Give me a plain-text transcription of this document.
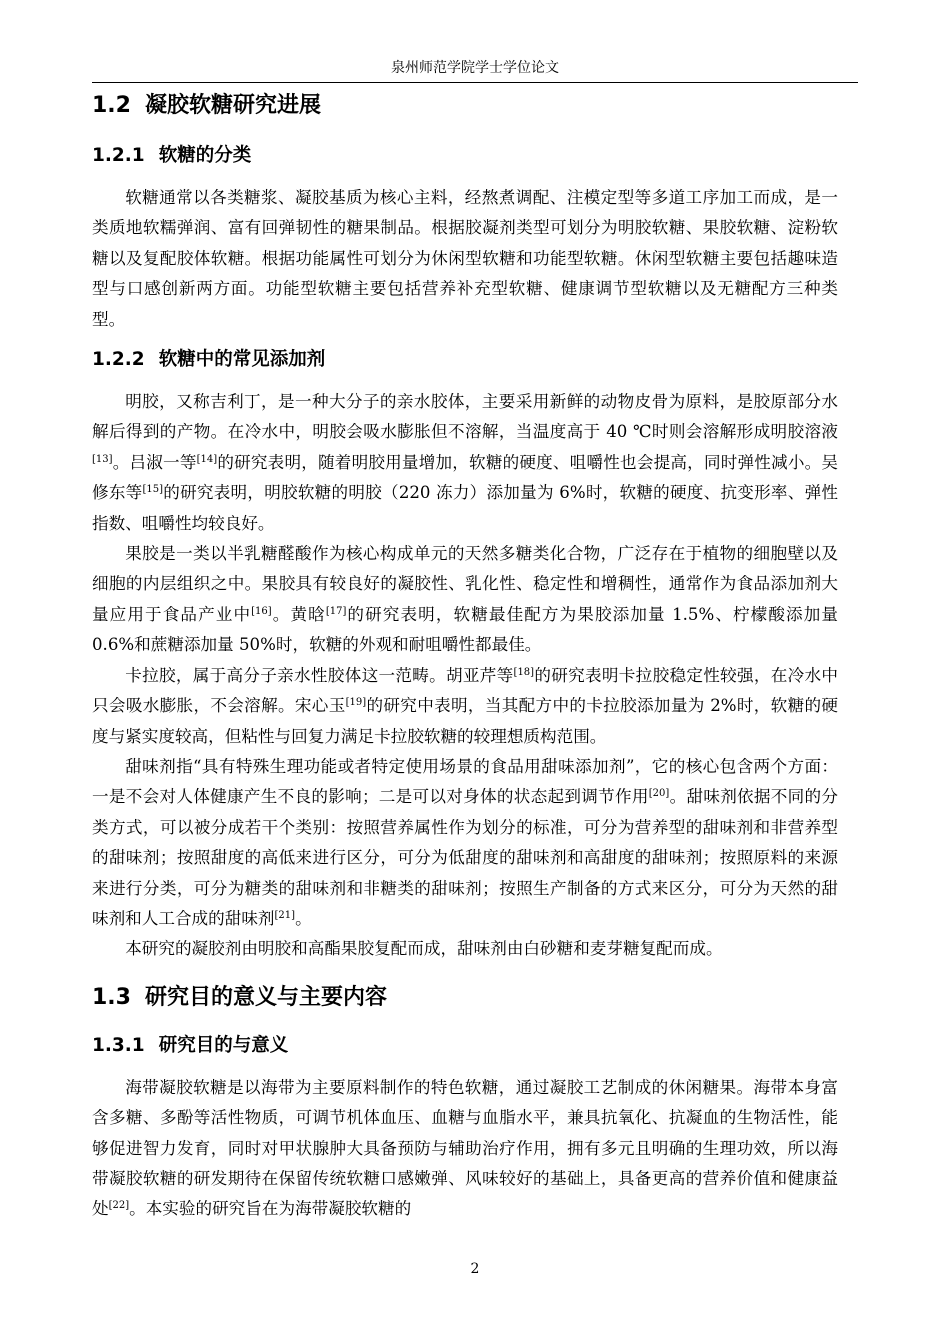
泉州师范学院学士学位论文
1.2 凝胶软糖研究进展
1.2.1 软糖的分类

软糖通常以各类糖浆、凝胶基质为核心主料，经熬煮调配、注模定型等多道工序加工而成，是一类质地软糯弹润、富有回弹韧性的糖果制品。根据胶凝剂类型可划分为明胶软糖、果胶软糖、淀粉软糖以及复配胶体软糖。根据功能属性可划分为休闲型软糖和功能型软糖。休闲型软糖主要包括趣味造型与口感创新两方面。功能型软糖主要包括营养补充型软糖、健康调节型软糖以及无糖配方三种类型。

1.2.2 软糖中的常见添加剂

明胶，又称吉利丁，是一种大分子的亲水胶体，主要采用新鲜的动物皮骨为原料，是胶原部分水解后得到的产物。在冷水中，明胶会吸水膨胀但不溶解，当温度高于 40 ℃时则会溶解形成明胶溶液[13]。吕淑一等[14]的研究表明，随着明胶用量增加，软糖的硬度、咀嚼性也会提高，同时弹性减小。吴修东等[15]的研究表明，明胶软糖的明胶（220 冻力）添加量为 6%时，软糖的硬度、抗变形率、弹性指数、咀嚼性均较良好。

果胶是一类以半乳糖醛酸作为核心构成单元的天然多糖类化合物，广泛存在于植物的细胞壁以及细胞的内层组织之中。果胶具有较良好的凝胶性、乳化性、稳定性和增稠性，通常作为食品添加剂大量应用于食品产业中[16]。黄晗[17]的研究表明，软糖最佳配方为果胶添加量 1.5%、柠檬酸添加量 0.6%和蔗糖添加量 50%时，软糖的外观和耐咀嚼性都最佳。

卡拉胶，属于高分子亲水性胶体这一范畴。胡亚芹等[18]的研究表明卡拉胶稳定性较强，在冷水中只会吸水膨胀，不会溶解。宋心玉[19]的研究中表明，当其配方中的卡拉胶添加量为 2%时，软糖的硬度与紧实度较高，但粘性与回复力满足卡拉胶软糖的较理想质构范围。

甜味剂指“具有特殊生理功能或者特定使用场景的食品用甜味添加剂”，它的核心包含两个方面：一是不会对人体健康产生不良的影响；二是可以对身体的状态起到调节作用[20]。甜味剂依据不同的分类方式，可以被分成若干个类别：按照营养属性作为划分的标准，可分为营养型的甜味剂和非营养型的甜味剂；按照甜度的高低来进行区分，可分为低甜度的甜味剂和高甜度的甜味剂；按照原料的来源来进行分类，可分为糖类的甜味剂和非糖类的甜味剂；按照生产制备的方式来区分，可分为天然的甜味剂和人工合成的甜味剂[21]。

本研究的凝胶剂由明胶和高酯果胶复配而成，甜味剂由白砂糖和麦芽糖复配而成。

1.3 研究目的意义与主要内容
1.3.1 研究目的与意义

海带凝胶软糖是以海带为主要原料制作的特色软糖，通过凝胶工艺制成的休闲糖果。海带本身富含多糖、多酚等活性物质，可调节机体血压、血糖与血脂水平，兼具抗氧化、抗凝血的生物活性，能够促进智力发育，同时对甲状腺肿大具备预防与辅助治疗作用，拥有多元且明确的生理功效，所以海带凝胶软糖的研发期待在保留传统软糖口感嫩弹、风味较好的基础上，具备更高的营养价值和健康益处[22]。本实验的研究旨在为海带凝胶软糖的

2
